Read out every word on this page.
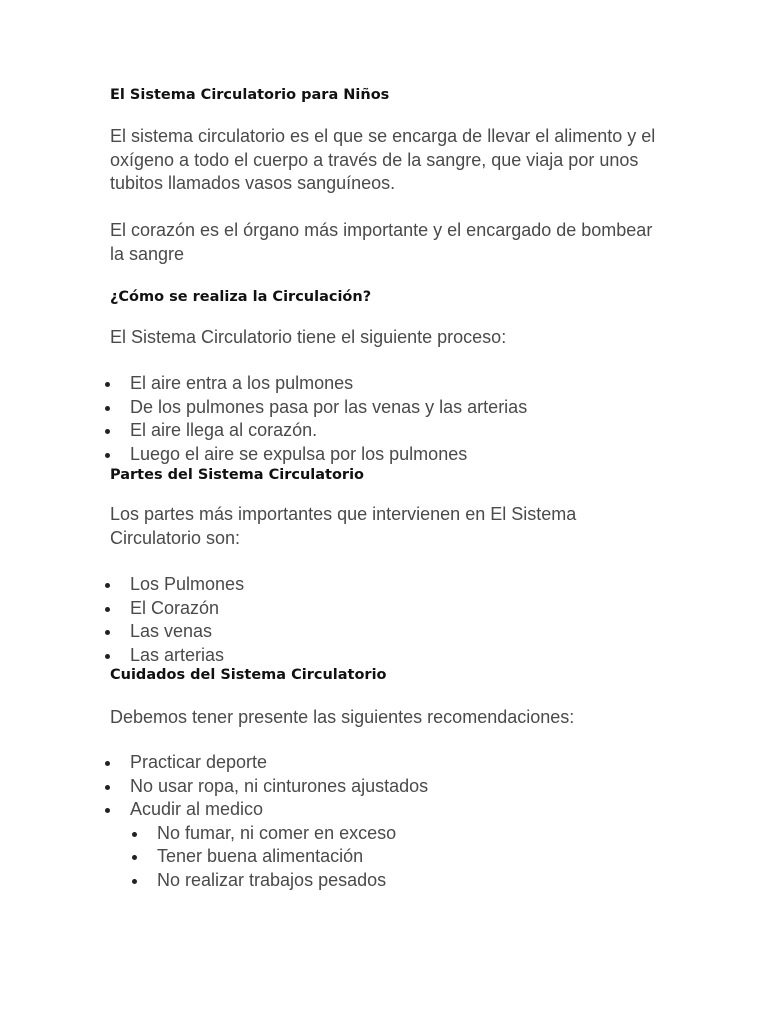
El Sistema Circulatorio para Niños

El sistema circulatorio es el que se encarga de llevar el alimento y el oxígeno a todo el cuerpo a través de la sangre, que viaja por unos tubitos llamados vasos sanguíneos.

El corazón es el órgano más importante y el encargado de bombear la sangre

¿Cómo se realiza la Circulación?

El Sistema Circulatorio tiene el siguiente proceso:

El aire entra a los pulmones
De los pulmones pasa por las venas y las arterias
El aire llega al corazón.
Luego el aire se expulsa por los pulmones
Partes del Sistema Circulatorio

Los partes más importantes que intervienen en El Sistema Circulatorio son:

Los Pulmones
El Corazón
Las venas
Las arterias
Cuidados del Sistema Circulatorio

Debemos tener presente las siguientes recomendaciones:

Practicar deporte
No usar ropa, ni cinturones ajustados
Acudir al medico
No fumar, ni comer en exceso
Tener buena alimentación
No realizar trabajos pesados
